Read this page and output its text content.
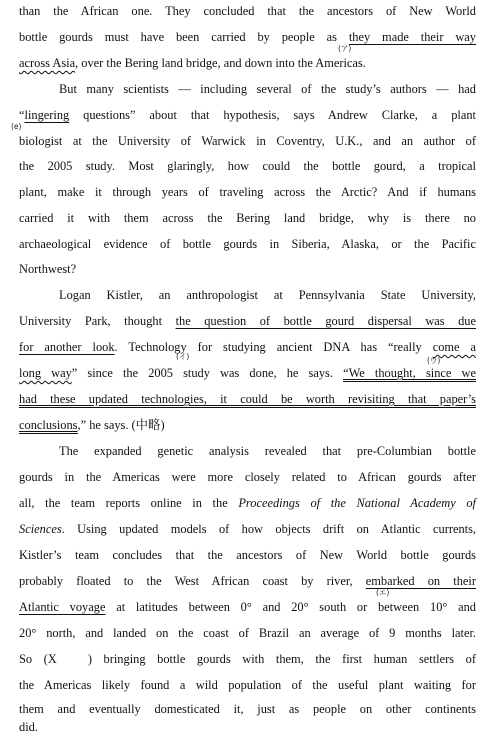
than the African one. They concluded that the ancestors of New World
bottle gourds must have been carried by people as they made their way
(ア)
across Asia, over the Bering land bridge, and down into the Americas.
But many scientists — including several of the study’s authors — had
“lingering questions” about that hypothesis, says Andrew Clarke, a plant
(e)
biologist at the University of Warwick in Coventry, U.K., and an author of
the 2005 study. Most glaringly, how could the bottle gourd, a tropical
plant, make it through years of traveling across the Arctic? And if humans
carried it with them across the Bering land bridge, why is there no
archaeological evidence of bottle gourds in Siberia, Alaska, or the Pacific
Northwest?
Logan Kistler, an anthropologist at Pennsylvania State University,
University Park, thought the question of bottle gourd dispersal was due
for another look. Technology for studying ancient DNA has “really come a
(イ)	(ウ)
long way” since the 2005 study was done, he says. “We thought, since we
had these updated technologies, it could be worth revisiting that paper’s
conclusions,” he says. (中略)
The expanded genetic analysis revealed that pre-Columbian bottle
gourds in the Americas were more closely related to African gourds after
all, the team reports online in the Proceedings of the National Academy of
Sciences. Using updated models of how objects drift on Atlantic currents,
Kistler’s team concludes that the ancestors of New World bottle gourds
probably floated to the West African coast by river, embarked on their
(エ)
Atlantic voyage at latitudes between 0° and 20° south or between 10° and
20° north, and landed on the coast of Brazil an average of 9 months later.
So (X	) bringing bottle gourds with them, the first human settlers of
the Americas likely found a wild population of the useful plant waiting for
them and eventually domesticated it, just as people on other continents
did.
